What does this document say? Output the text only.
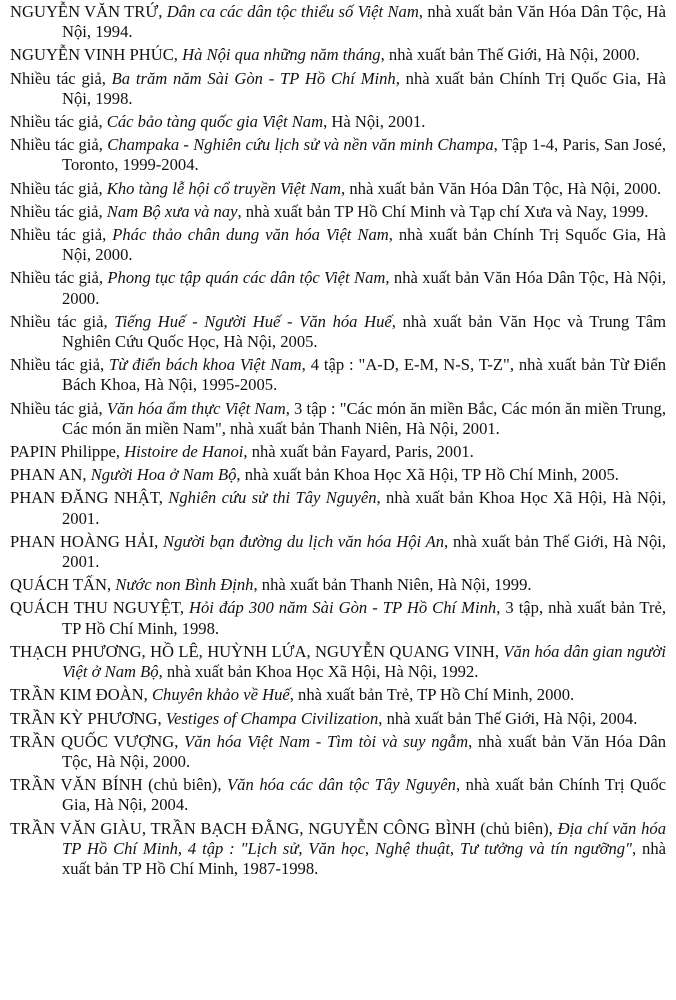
NGUYỄN VĂN TRỨ, Dân ca các dân tộc thiểu số Việt Nam, nhà xuất bản Văn Hóa Dân Tộc, Hà Nội, 1994.

NGUYỄN VINH PHÚC, Hà Nội qua những năm tháng, nhà xuất bản Thế Giới, Hà Nội, 2000.

Nhiều tác giả, Ba trăm năm Sài Gòn - TP Hồ Chí Minh, nhà xuất bản Chính Trị Quốc Gia, Hà Nội, 1998.

Nhiều tác giả, Các bảo tàng quốc gia Việt Nam, Hà Nội, 2001.

Nhiều tác giả, Champaka - Nghiên cứu lịch sử và nền văn minh Champa, Tập 1-4, Paris, San José, Toronto, 1999-2004.

Nhiều tác giả, Kho tàng lễ hội cổ truyền Việt Nam, nhà xuất bản Văn Hóa Dân Tộc, Hà Nội, 2000.

Nhiều tác giả, Nam Bộ xưa và nay, nhà xuất bản TP Hồ Chí Minh và Tạp chí Xưa và Nay, 1999.

Nhiều tác giả, Phác thảo chân dung văn hóa Việt Nam, nhà xuất bản Chính Trị Squốc Gia, Hà Nội, 2000.

Nhiều tác giả, Phong tục tập quán các dân tộc Việt Nam, nhà xuất bản Văn Hóa Dân Tộc, Hà Nội, 2000.

Nhiều tác giả, Tiếng Huế - Người Huế - Văn hóa Huế, nhà xuất bản Văn Học và Trung Tâm Nghiên Cứu Quốc Học, Hà Nội, 2005.

Nhiều tác giả, Từ điển bách khoa Việt Nam, 4 tập : "A-D, E-M, N-S, T-Z", nhà xuất bản Từ Điển Bách Khoa, Hà Nội, 1995-2005.

Nhiều tác giả, Văn hóa ẩm thực Việt Nam, 3 tập : "Các món ăn miền Bắc, Các món ăn miền Trung, Các món ăn miền Nam", nhà xuất bản Thanh Niên, Hà Nội, 2001.

PAPIN Philippe, Histoire de Hanoi, nhà xuất bản Fayard, Paris, 2001.

PHAN AN, Người Hoa ở Nam Bộ, nhà xuất bản Khoa Học Xã Hội, TP Hồ Chí Minh, 2005.

PHAN ĐĂNG NHẬT, Nghiên cứu sử thi Tây Nguyên, nhà xuất bản Khoa Học Xã Hội, Hà Nội, 2001.

PHAN HOÀNG HẢI, Người bạn đường du lịch văn hóa Hội An, nhà xuất bản Thế Giới, Hà Nội, 2001.

QUÁCH TẤN, Nước non Bình Định, nhà xuất bản Thanh Niên, Hà Nội, 1999.

QUÁCH THU NGUYỆT, Hỏi đáp 300 năm Sài Gòn - TP Hồ Chí Minh, 3 tập, nhà xuất bản Trẻ, TP Hồ Chí Minh, 1998.

THẠCH PHƯƠNG, HỒ LÊ, HUỲNH LỨA, NGUYỄN QUANG VINH, Văn hóa dân gian người Việt ở Nam Bộ, nhà xuất bản Khoa Học Xã Hội, Hà Nội, 1992.

TRẦN KIM ĐOÀN, Chuyên khảo về Huế, nhà xuất bản Trẻ, TP Hồ Chí Minh, 2000.

TRẦN KỲ PHƯƠNG, Vestiges of Champa Civilization, nhà xuất bản Thế Giới, Hà Nội, 2004.

TRẦN QUỐC VƯỢNG, Văn hóa Việt Nam - Tìm tòi và suy ngẫm, nhà xuất bản Văn Hóa Dân Tộc, Hà Nội, 2000.

TRẦN VĂN BÍNH (chủ biên), Văn hóa các dân tộc Tây Nguyên, nhà xuất bản Chính Trị Quốc Gia, Hà Nội, 2004.

TRẦN VĂN GIÀU, TRẦN BẠCH ĐẰNG, NGUYỄN CÔNG BÌNH (chủ biên), Địa chí văn hóa TP Hồ Chí Minh, 4 tập : "Lịch sử, Văn học, Nghệ thuật, Tư tưởng và tín ngưỡng", nhà xuất bản TP Hồ Chí Minh, 1987-1998.
